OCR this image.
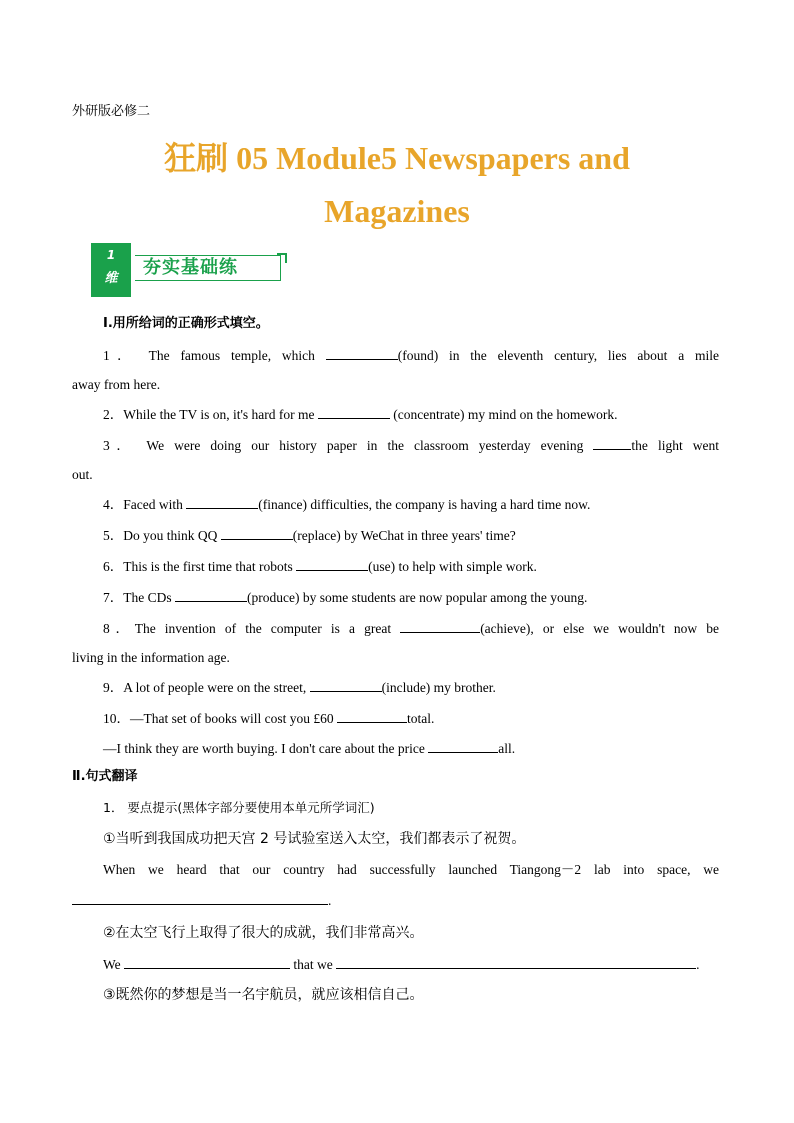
外研版必修二
狂刷 05 Module5 Newspapers and
Magazines
1
维
夯实基础练
Ⅰ.用所给词的正确形式填空。
1． The famous temple, which	(found) in the eleventh century, lies about a mile
away from here.
2．While the TV is on, it's hard for me	(concentrate) my mind on the homework.
3． We were doing our history paper in the classroom yesterday evening	the light went
out.
4．Faced with	(finance) difficulties, the company is having a hard time now.
5．Do you think QQ	(replace) by WeChat in three years' time?
6．This is the first time that robots	(use) to help with simple work.
7．The CDs	(produce) by some students are now popular among the young.
8．The invention of the computer is a great	(achieve), or else we wouldn't now be
living in the information age.
9．A lot of people were on the street,	(include) my brother.
10．—That set of books will cost you £60	total.
—I think they are worth buying. I don't care about the price	all.
Ⅱ.句式翻译
1． 要点提示(黑体字部分要使用本单元所学词汇)
①当听到我国成功把天宫 2 号试验室送入太空，我们都表示了祝贺。
When we heard that our country had successfully launched Tiangong－2 lab into space, we
.
②在太空飞行上取得了很大的成就，我们非常高兴。
We	that we	.
③既然你的梦想是当一名宇航员，就应该相信自己。
